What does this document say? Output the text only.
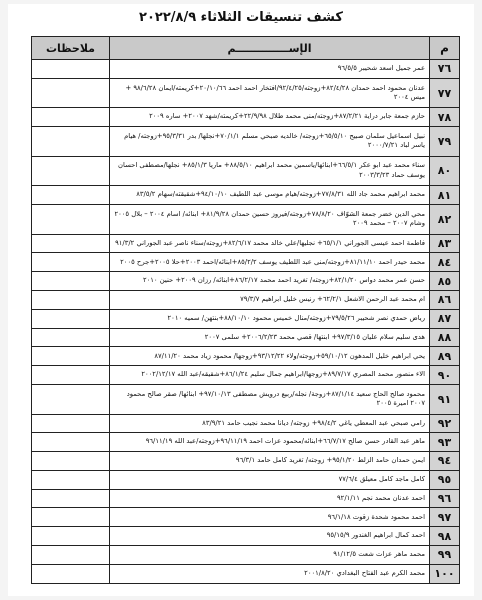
كشف تنسيقات الثلاثاء ٢٠٢٢/٨/٩
م	الإســــــــــــــم	ملاحظات
٧٦	عمر جميل اسعد شحيبر ٩٦/٥/٥	
٧٧	عدنان محمود احمد حمدان ٨٢/٤/٢٨+زوجته/٩٢/٤/٢٥/افتخار احمد احمد ٢٠/١٠/٦٦+كريمته/ايمان ٩٨/٦/٢٨ + ميس ٢٠٠٤	
٧٨	حازم جمعة جابر دراية ٨٧/٢/٢١+زوجته/منى محمد طلال ٢٢/٩/٩٨+كريمته/شهد ٢٠٠٧+ ساره ٢٠٠٩	
٧٩	نبيل اسماعيل سلمان صبيح ٦٥/٥/١٠+زوجته/ خالديه صبحي مسلم ٧٠/١/١+نجلها/ بدر ٩٥/٣/٣١+زوجته/ هيام ياسر لباد ٢٠٠٠/٧/٢١	
٨٠	سناء محمد عبد ابو عكر ٦٦/٥/١+ابنائها/ياسمين محمد ابراهيم ٨٨/٥/١٠+ ماريا ٨٥/١/٣+ نجلها/مصطفى احسان يوسف حماد ٢٠٠٣/٣/٢٣	
٨١	محمد ابراهيم محمد جاد الله ٧٧/٨/٣١+زوجته/هيام موسى عبد اللطيف ٩٤/١٠/١٠+شقيقته/سهام ٨٣/٥/٢	
٨٢	محي الدين خضر جمعة الشوّاف ٧٨/٨/٢٠+زوجته/فيروز حسين حمدان ٨١/٩/٢٨+ ابنائه/ اسام ٢٠٠٤ – بلال ٢٠٠٥ وشام ٢٠٠٧ – محمد ٢٠٠٩	
٨٣	فاطمة احمد عيسى الجوراني ٦٥/١/١+ نجليها/علي خالد محمد ٨٢/٦/١٧+زوجته/سناء ناصر عبد الجوراني ٩١/٣/٢	
٨٤	محمد حيدر احمد ٨١/١١/١٠+زوجته/منى عبد اللطيف يوسف ٨٥/٢/٢+ابنائه/احمد ٢٠٠٣+حلا ٢٠٠٥+جرح ٢٠٠٥	
٨٥	حسن عمر محمد دواس ٨٢/١/٢٠+زوجته/ تغريد احمد محمد ٨٦/٢/١٧+ابنائه/ رزان ٢٠٠٩+ حنين ٢٠١٠	
٨٦	ام محمد عبد الرحمن الاشعل ٦٢/٢/١+ رنيس خليل ابراهيم ٧٩/٣/٧	
٨٧	رياض حمدي نصر شحيبر ٧٩/٥/٢٦+زوجته/منال خميس محمود ٨٨/١٠/١٠+بنتهن/ سميه ٢٠١٠	
٨٨	هدى سليم سلام عليان ٩٧/٣/١٥+ ابنتها/ قصي محمد ٢٠٠٦/٢/٢٣+ سلمى ٢٠٠٧	
٨٩	يحي ابراهيم خليل المدهون ٥٩/١٠/١٢+زوجته/ولاء ٩٣/١٢/٢٢+زوجها/ محمود زياد محمد ٨٧/١١/٢٠	
٩٠	الاء منصور محمد المصري ٨٩/٧/١٧+زوجها/ابراهيم جمال سليم ٨٦/١/٢٤+شقيقه/عبد الله ٢٠٠٢/١٢/١٧	
٩١	محمود صالح الحاج سعيد ٨٧/١/١٤+زوجة/ نجله/ربيع درويش مصطفى ٩٧/١٠/١٣+ ابنائها/ صقر صالح محمود ٢٠٠٧ اميرة ٢٠٠٥	
٩٢	رامي صبحي عبد المعطي ياغي ٩٨/٤/٢+ زوجته/ ديانا محمد نجيب حامد ٨٣/٩/٢١	
٩٣	ماهر عبد القادر حسن صالح ٦٦/٧/١٧+ابنائه/محمود عزات احمد ٩٦/١١/١٩+زوجته/عبد الله ٩٦/١١/١٩	
٩٤	ايمن حمدان حامد الزلط ٩٥/١/٢٠+ زوجته/ تغريد كامل حامد ٩٦/٣/١	
٩٥	كامل ماجد كامل معيلق ٧٧/٦/٤	
٩٦	احمد عدنان محمد نجم ٩٢/١/١١	
٩٧	احمد محمود شحدة زقوت ٩٦/١/١٨	
٩٨	احمد كمال ابراهيم الغندور ٩٥/١٥/٩	
٩٩	محمد ماهر عزات شعت ٩١/١٢/٥	
١٠٠	محمد الكرم عبد الفتاح البغدادي ٢٠٠١/٨/٢٠	
